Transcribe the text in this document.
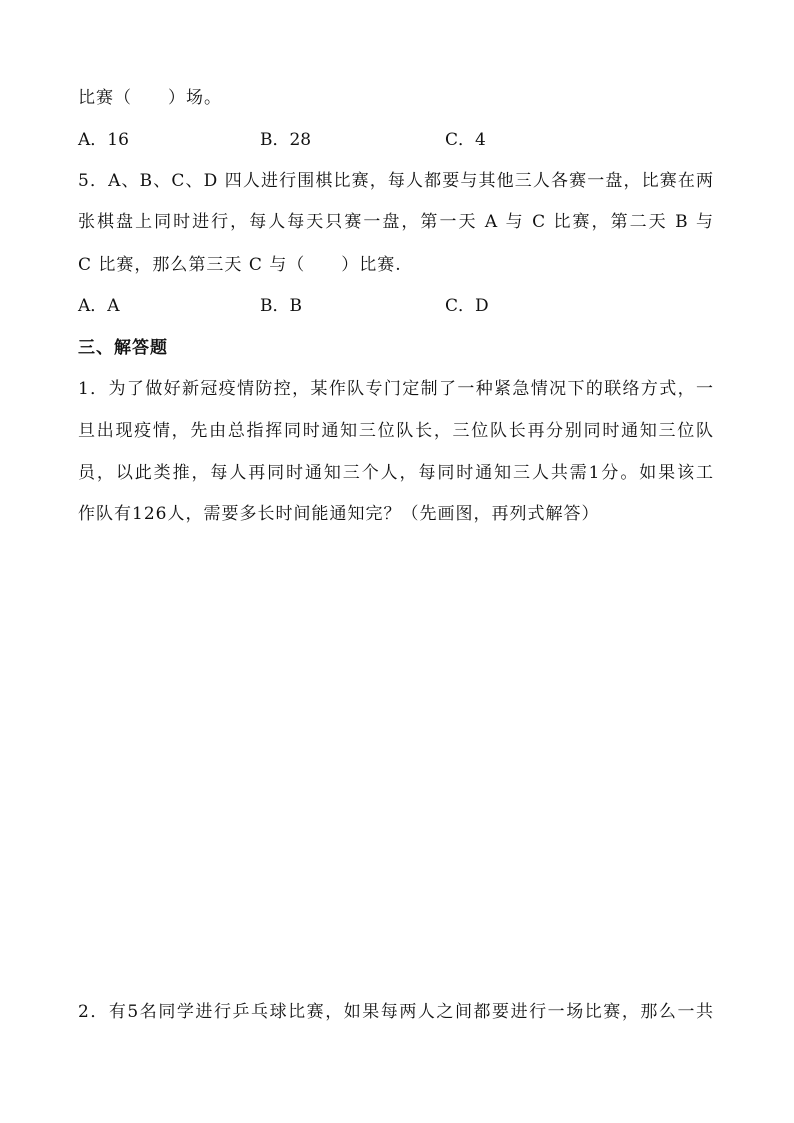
比赛（　　）场。
A．16	B．28	C．4
5．A、B、C、D 四人进行围棋比赛，每人都要与其他三人各赛一盘，比赛在两
张棋盘上同时进行，每人每天只赛一盘，第一天 A 与 C 比赛，第二天 B 与
C 比赛，那么第三天 C 与（　　）比赛.
A．A	B．B	C．D
三、解答题
1．为了做好新冠疫情防控，某作队专门定制了一种紧急情况下的联络方式，一
旦出现疫情，先由总指挥同时通知三位队长，三位队长再分别同时通知三位队
员，以此类推，每人再同时通知三个人，每同时通知三人共需1分。如果该工
作队有126人，需要多长时间能通知完？（先画图，再列式解答）
2．有5名同学进行乒乓球比赛，如果每两人之间都要进行一场比赛，那么一共
